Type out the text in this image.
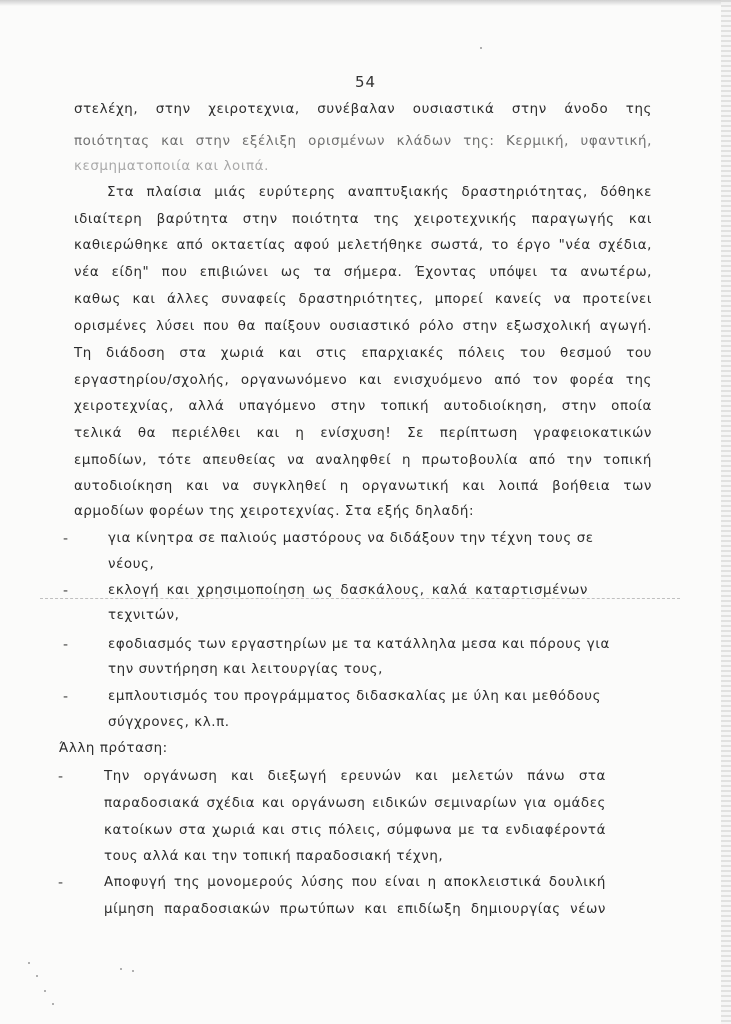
54
στελέχη, στην χειροτεχνια, συνέβαλαν ουσιαστικά στην άνοδο της
ποιότητας και στην εξέλιξη ορισμένων κλάδων της: Κερμική, υφαντική,
κεσμηματοποιία και λοιπά.
Στα πλαίσια μιάς ευρύτερης αναπτυξιακής δραστηριότητας, δόθηκε
ιδιαίτερη βαρύτητα στην ποιότητα της χειροτεχνικής παραγωγής και
καθιερώθηκε από οκταετίας αφού μελετήθηκε σωστά, το έργο "νέα σχέδια,
νέα είδη" που επιβιώνει ως τα σήμερα. Έχοντας υπόψει τα ανωτέρω,
καθως και άλλες συναφείς δραστηριότητες, μπορεί κανείς να προτείνει
ορισμένες λύσει που θα παίξουν ουσιαστικό ρόλο στην εξωσχολική αγωγή.
Τη διάδοση στα χωριά και στις επαρχιακές πόλεις του θεσμού του
εργαστηρίου/σχολής, οργανωνόμενο και ενισχυόμενο από τον φορέα της
χειροτεχνίας, αλλά υπαγόμενο στην τοπική αυτοδιοίκηση, στην οποία
τελικά θα περιέλθει και η ενίσχυση! Σε περίπτωση γραφειοκατικών
εμποδίων, τότε απευθείας να αναληφθεί η πρωτοβουλία από την τοπική
αυτοδιοίκηση και να συγκληθεί η οργανωτική και λοιπά βοήθεια των
αρμοδίων φορέων της χειροτεχνίας. Στα εξής δηλαδή:
-	για κίνητρα σε παλιούς μαστόρους να διδάξουν την τέχνη τους σε
νέους,
-	εκλογή και χρησιμοποίηση ως δασκάλους, καλά καταρτισμένων
τεχνιτών,
-	εφοδιασμός των εργαστηρίων με τα κατάλληλα μεσα και πόρους για
την συντήρηση και λειτουργίας τους,
-	εμπλουτισμός του προγράμματος διδασκαλίας με ύλη και μεθόδους
σύγχρονες, κλ.π.
Άλλη πρόταση:
-	Την οργάνωση και διεξωγή ερευνών και μελετών πάνω στα
παραδοσιακά σχέδια και οργάνωση ειδικών σεμιναρίων για ομάδες
κατοίκων στα χωριά και στις πόλεις, σύμφωνα με τα ενδιαφέροντά
τους αλλά και την τοπική παραδοσιακή τέχνη,
-	Αποφυγή της μονομερούς λύσης που είναι η αποκλειστικά δουλική
μίμηση παραδοσιακών πρωτύπων και επιδίωξη δημιουργίας νέων
